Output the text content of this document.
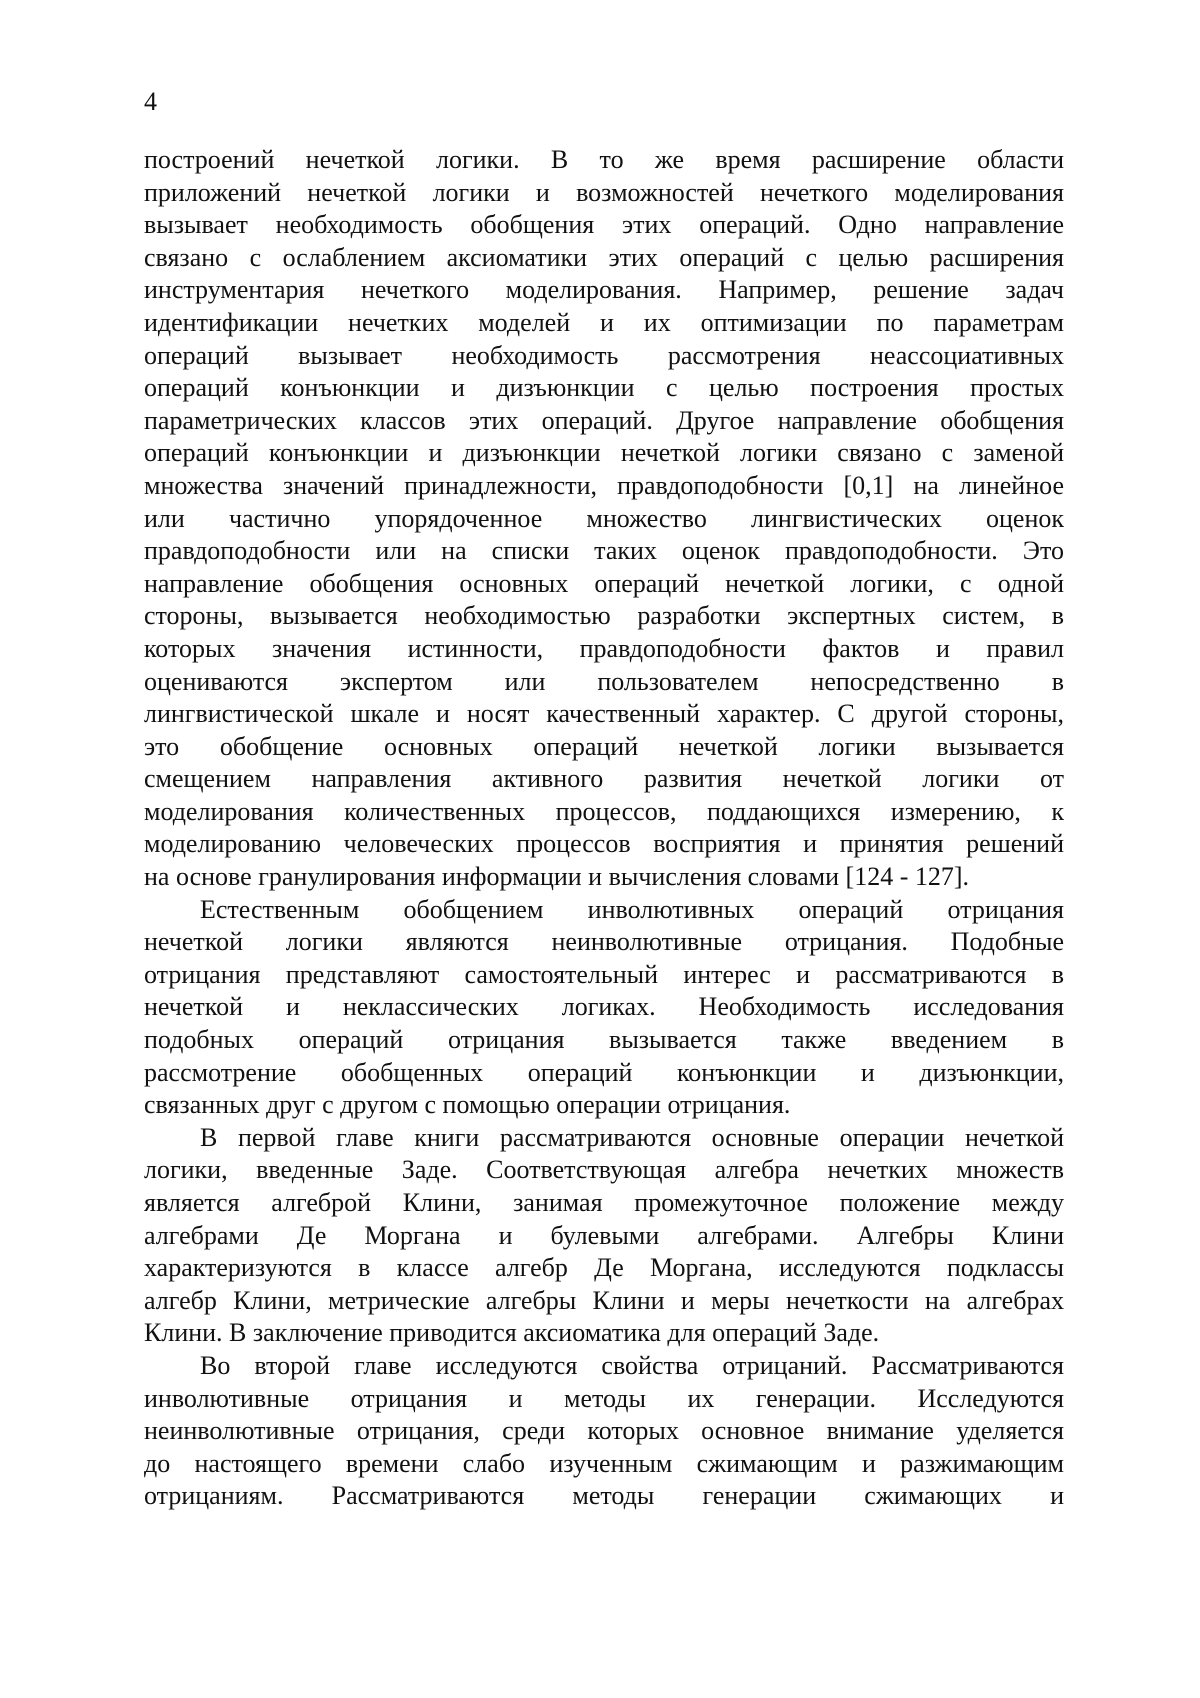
4
построений нечеткой логики. В то же время расширение области
приложений нечеткой логики и возможностей нечеткого моделирования
вызывает необходимость обобщения этих операций. Одно направление
связано с ослаблением аксиоматики этих операций с целью расширения
инструментария нечеткого моделирования. Например, решение задач
идентификации нечетких моделей и их оптимизации по параметрам
операций вызывает необходимость рассмотрения неассоциативных
операций конъюнкции и дизъюнкции с целью построения простых
параметрических классов этих операций. Другое направление обобщения
операций конъюнкции и дизъюнкции нечеткой логики связано с заменой
множества значений принадлежности, правдоподобности [0,1] на линейное
или частично упорядоченное множество лингвистических оценок
правдоподобности или на списки таких оценок правдоподобности. Это
направление обобщения основных операций нечеткой логики, с одной
стороны, вызывается необходимостью разработки экспертных систем, в
которых значения истинности, правдоподобности фактов и правил
оцениваются экспертом или пользователем непосредственно в
лингвистической шкале и носят качественный характер. С другой стороны,
это обобщение основных операций нечеткой логики вызывается
смещением направления активного развития нечеткой логики от
моделирования количественных процессов, поддающихся измерению, к
моделированию человеческих процессов восприятия и принятия решений
на основе гранулирования информации и вычисления словами [124 - 127].
Естественным обобщением инволютивных операций отрицания
нечеткой логики являются неинволютивные отрицания. Подобные
отрицания представляют самостоятельный интерес и рассматриваются в
нечеткой и неклассических логиках. Необходимость исследования
подобных операций отрицания вызывается также введением в
рассмотрение обобщенных операций конъюнкции и дизъюнкции,
связанных друг с другом с помощью операции отрицания.
В первой главе книги рассматриваются основные операции нечеткой
логики, введенные Заде. Соответствующая алгебра нечетких множеств
является алгеброй Клини, занимая промежуточное положение между
алгебрами Де Моргана и булевыми алгебрами. Алгебры Клини
характеризуются в классе алгебр Де Моргана, исследуются подклассы
алгебр Клини, метрические алгебры Клини и меры нечеткости на алгебрах
Клини. В заключение приводится аксиоматика для операций Заде.
Во второй главе исследуются свойства отрицаний. Рассматриваются
инволютивные отрицания и методы их генерации. Исследуются
неинволютивные отрицания, среди которых основное внимание уделяется
до настоящего времени слабо изученным сжимающим и разжимающим
отрицаниям. Рассматриваются методы генерации сжимающих и
